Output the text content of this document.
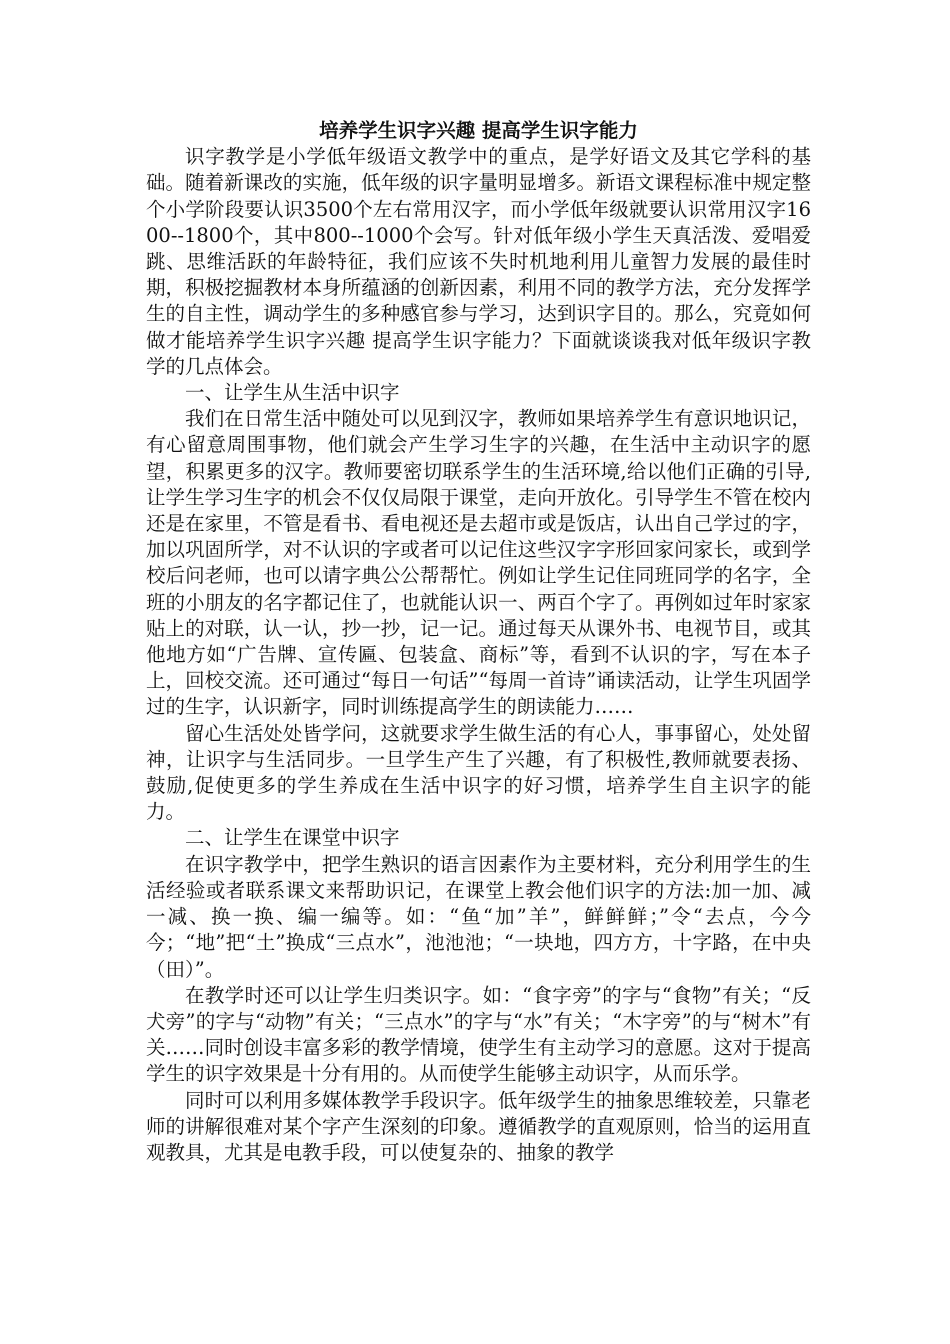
培养学生识字兴趣 提高学生识字能力

识字教学是小学低年级语文教学中的重点，是学好语文及其它学科的基础。随着新课改的实施，低年级的识字量明显增多。新语文课程标准中规定整个小学阶段要认识3500个左右常用汉字，而小学低年级就要认识常用汉字1600--1800个，其中800--1000个会写。针对低年级小学生天真活泼、爱唱爱跳、思维活跃的年龄特征，我们应该不失时机地利用儿童智力发展的最佳时期，积极挖掘教材本身所蕴涵的创新因素，利用不同的教学方法，充分发挥学生的自主性，调动学生的多种感官参与学习，达到识字目的。那么，究竟如何做才能培养学生识字兴趣 提高学生识字能力？下面就谈谈我对低年级识字教学的几点体会。

一、让学生从生活中识字

我们在日常生活中随处可以见到汉字，教师如果培养学生有意识地识记，有心留意周围事物，他们就会产生学习生字的兴趣，在生活中主动识字的愿望，积累更多的汉字。教师要密切联系学生的生活环境,给以他们正确的引导,让学生学习生字的机会不仅仅局限于课堂，走向开放化。引导学生不管在校内还是在家里，不管是看书、看电视还是去超市或是饭店，认出自己学过的字，加以巩固所学，对不认识的字或者可以记住这些汉字字形回家问家长，或到学校后问老师，也可以请字典公公帮帮忙。例如让学生记住同班同学的名字，全班的小朋友的名字都记住了，也就能认识一、两百个字了。再例如过年时家家贴上的对联，认一认，抄一抄，记一记。通过每天从课外书、电视节目，或其他地方如“广告牌、宣传匾、包装盒、商标”等，看到不认识的字，写在本子上，回校交流。还可通过“每日一句话”“每周一首诗”诵读活动，让学生巩固学过的生字，认识新字，同时训练提高学生的朗读能力……

留心生活处处皆学问，这就要求学生做生活的有心人，事事留心，处处留神，让识字与生活同步。一旦学生产生了兴趣，有了积极性,教师就要表扬、鼓励,促使更多的学生养成在生活中识字的好习惯，培养学生自主识字的能力。

二、让学生在课堂中识字

在识字教学中，把学生熟识的语言因素作为主要材料，充分利用学生的生活经验或者联系课文来帮助识记，在课堂上教会他们识字的方法:加一加、减一减、换一换、编一编等。如：“鱼“加”羊”，鲜鲜鲜；”令“去点，今今今；“地”把“土”换成“三点水”，池池池；“一块地，四方方，十字路，在中央（田）”。

在教学时还可以让学生归类识字。如：“食字旁”的字与“食物”有关；“反犬旁”的字与“动物”有关；“三点水”的字与“水”有关；“木字旁”的与“树木”有关……同时创设丰富多彩的教学情境，使学生有主动学习的意愿。这对于提高学生的识字效果是十分有用的。从而使学生能够主动识字，从而乐学。

同时可以利用多媒体教学手段识字。低年级学生的抽象思维较差，只靠老师的讲解很难对某个字产生深刻的印象。遵循教学的直观原则，恰当的运用直观教具，尤其是电教手段，可以使复杂的、抽象的教学
